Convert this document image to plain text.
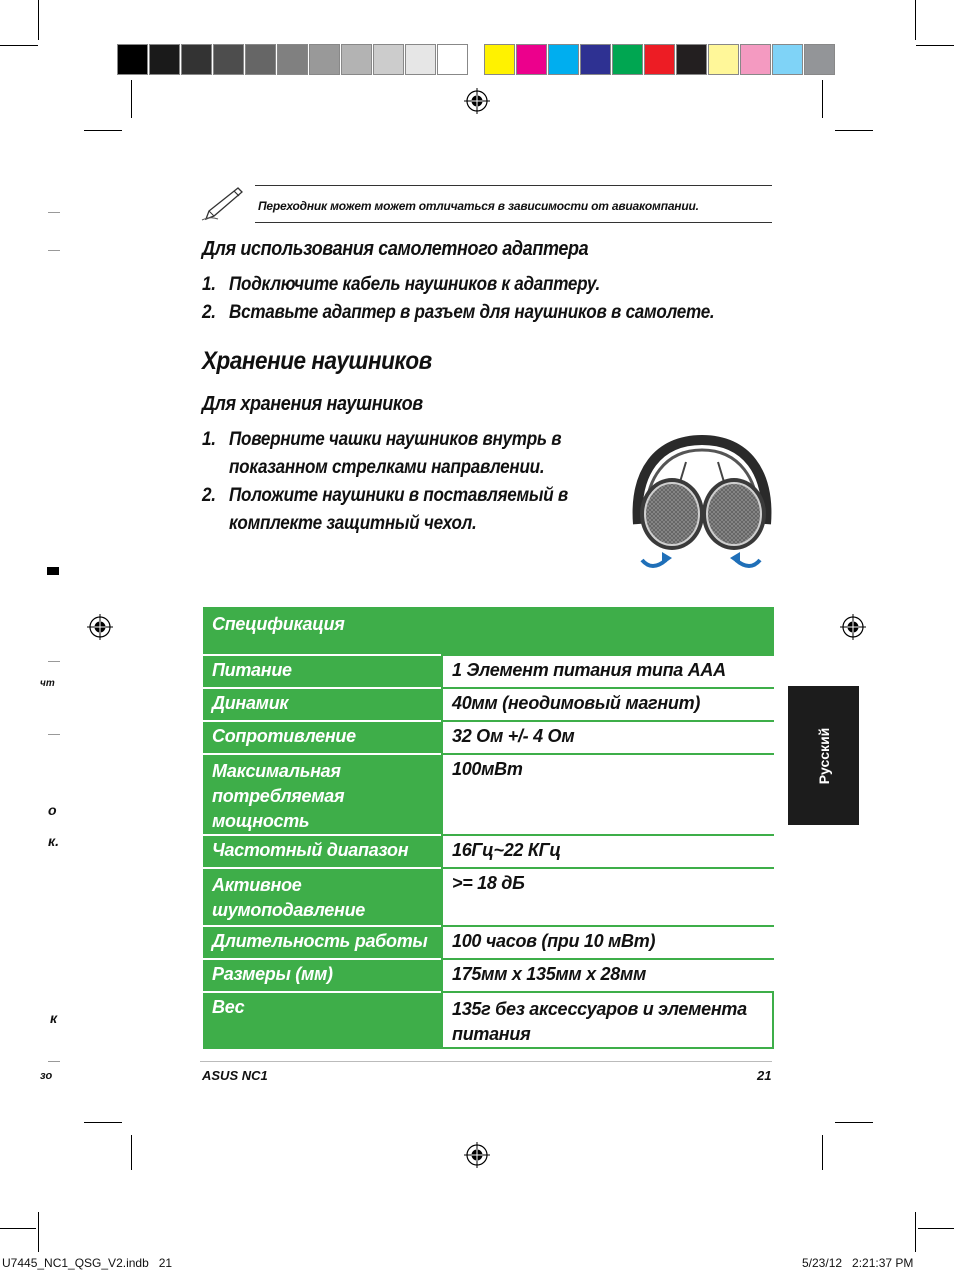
чт
о
к.
к
зо
Переходник может может отличаться в зависимости от авиакомпании.
Для использования самолетного адаптера
1. Подключите кабель наушников к адаптеру.
2. Вставьте адаптер в разъем для наушников в самолете.
Хранение наушников
Для хранения наушников
1. Поверните чашки наушников внутрь в
показанном стрелками направлении.
2. Положите наушники в поставляемый в
комплекте защитный чехол.
Спецификация	
Питание	1 Элемент питания типа ААА
Динамик	40мм (неодимовый магнит)
Сопротивление	32 Ом +/- 4 Ом
Максимальная потребляемая мощность	100мВт
Частотный диапазон	16Гц~22 КГц
Активное шумоподавление	>= 18 дБ
Длительность работы	100 часов (при 10 мВт)
Размеры (мм)	175мм x 135мм x 28мм
Вес	135г без аксессуаров и элемента питания
Русский
ASUS NC1	21
U7445_NC1_QSG_V2.indb   21	5/23/12   2:21:37 PM
